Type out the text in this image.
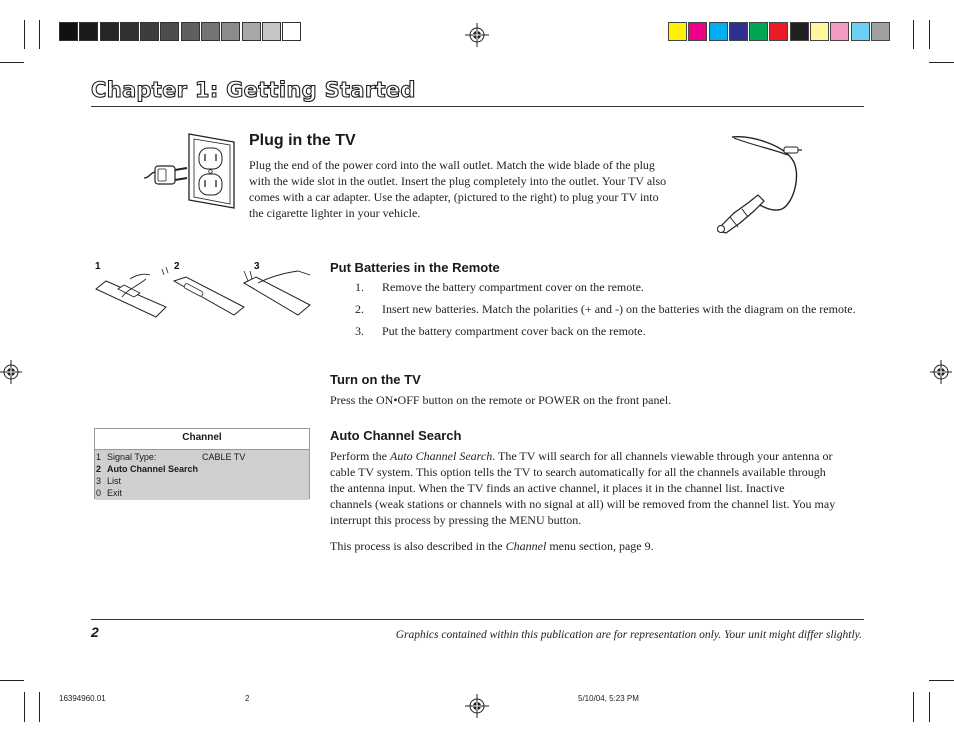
Chapter 1: Getting Started
Plug in the TV

Plug the end of the power cord into the wall outlet. Match the wide blade of the plug
with the wide slot in the outlet. Insert the plug completely into the outlet. Your TV also
comes with a car adapter. Use the adapter, (pictured to the right) to plug your TV into
the cigarette lighter in your vehicle.

1	2	3	Put Batteries in the Remote
1. Remove the battery compartment cover on the remote.
2. Insert new batteries. Match the polarities (+ and -) on the batteries with the diagram on the remote.
3. Put the battery compartment cover back on the remote.
Turn on the TV

Press the ON•OFF button on the remote or POWER on the front panel.

Channel
1 Signal Type:	CABLE TV
2 Auto Channel Search
3 List
0 Exit
Auto Channel Search

Perform the Auto Channel Search. The TV will search for all channels viewable through your antenna or
cable TV system. This option tells the TV to search automatically for all the channels available through
the antenna input. When the TV finds an active channel, it places it in the channel list. Inactive
channels (weak stations or channels with no signal at all) will be removed from the channel list. You may
interrupt this process by pressing the MENU button.

This process is also described in the Channel menu section, page 9.

2	Graphics contained within this publication are for representation only. Your unit might differ slightly.

16394960.01	2	5/10/04, 5:23 PM
